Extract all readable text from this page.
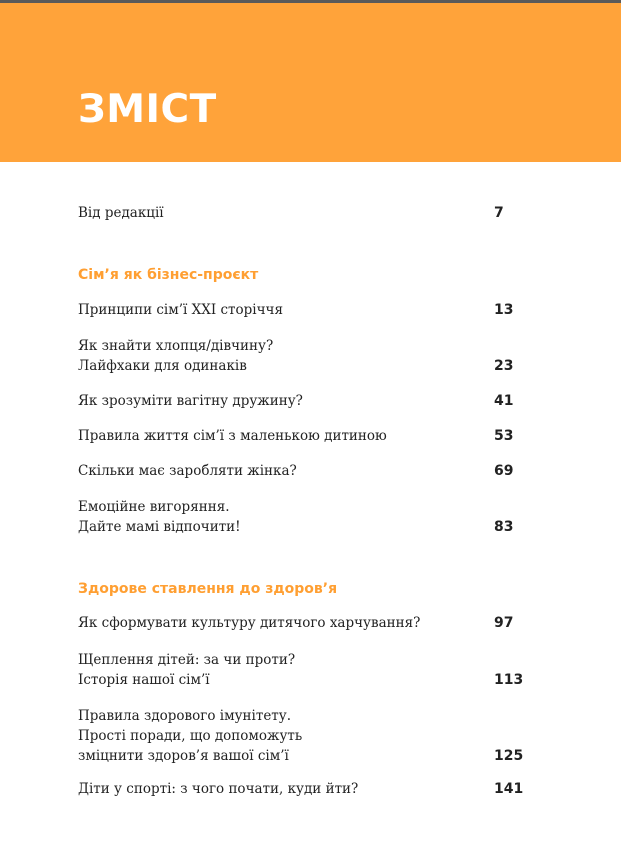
ЗМІСТ
Від редакції	7
Сім’я як бізнес-проєкт
Принципи сім’ї XXI сторіччя	13
Як знайти хлопця/дівчину?
Лайфхаки для одинаків	23
Як зрозуміти вагітну дружину?	41
Правила життя сім’ї з маленькою дитиною	53
Скільки має заробляти жінка?	69
Емоційне вигоряння.
Дайте мамі відпочити!	83
Здорове ставлення до здоров’я
Як сформувати культуру дитячого харчування?	97
Щеплення дітей: за чи проти?
Історія нашої сім’ї	113
Правила здорового імунітету.
Прості поради, що допоможуть
зміцнити здоров’я вашої сім’ї	125
Діти у спорті: з чого почати, куди йти?	141
